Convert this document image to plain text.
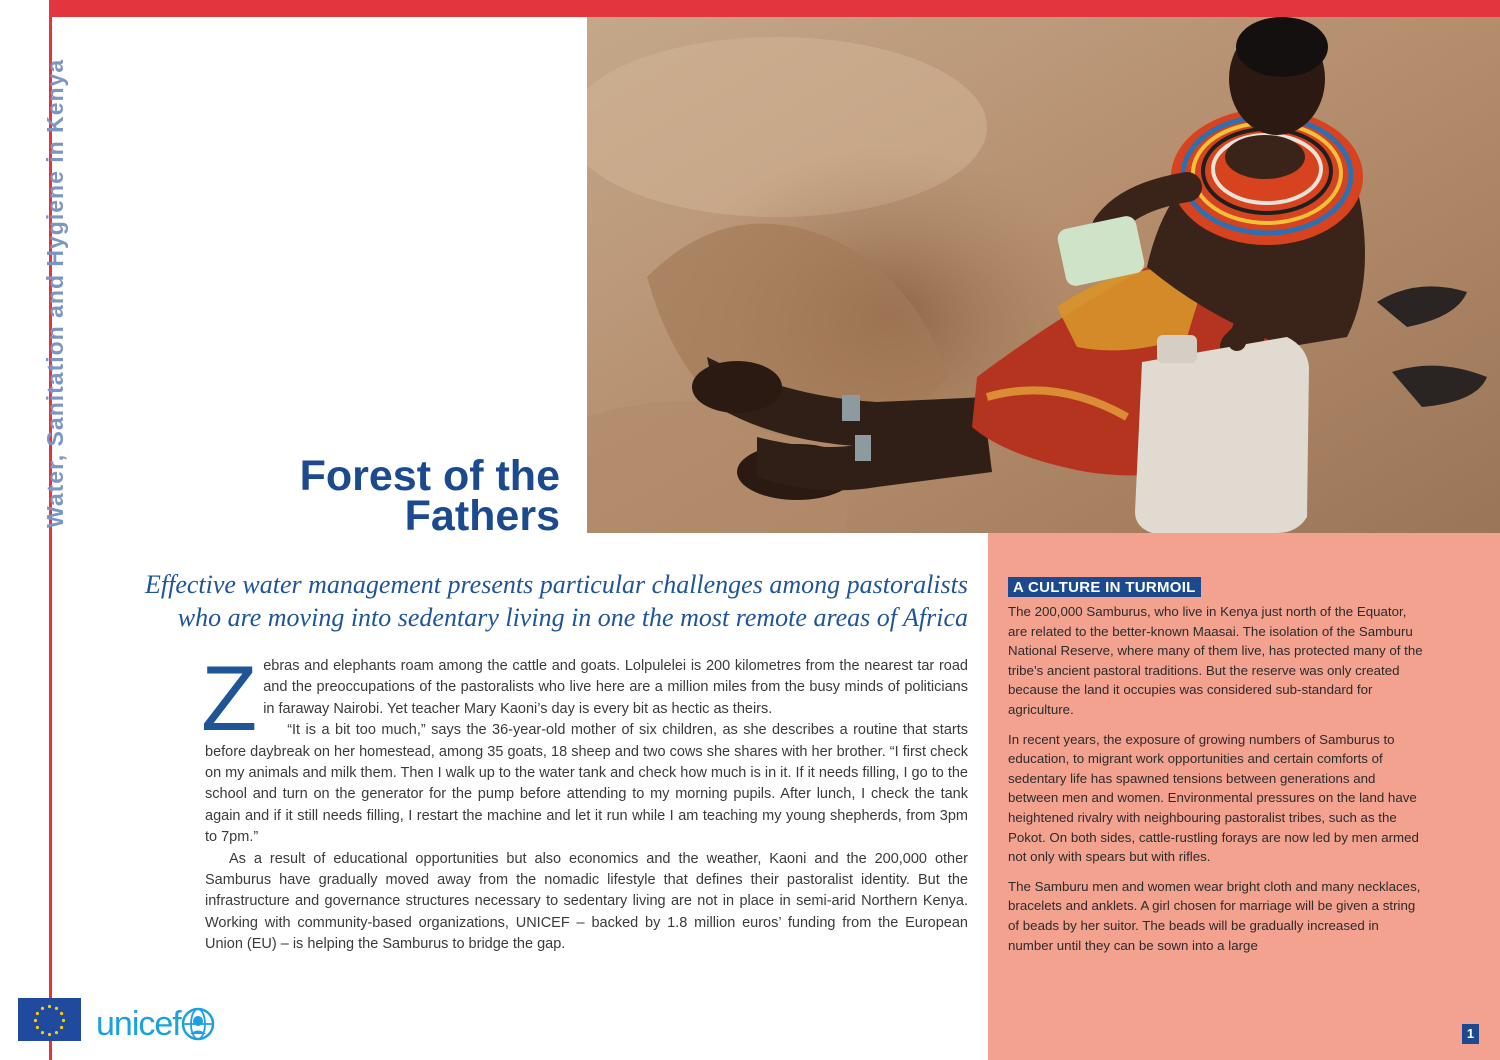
Water, Sanitation and Hygiene in Kenya	Forest of the
Fathers

Effective water management presents particular challenges among pastoralists who are moving into sedentary living in one the most remote areas of Africa

Zebras and elephants roam among the cattle and goats. Lolpulelei is 200 kilometres from the nearest tar road and the preoccupations of the pastoralists who live here are a million miles from the busy minds of politicians in faraway Nairobi. Yet teacher Mary Kaoni’s day is every bit as hectic as theirs.

“It is a bit too much,” says the 36-year-old mother of six children, as she describes a routine that starts before daybreak on her homestead, among 35 goats, 18 sheep and two cows she shares with her brother. “I first check on my animals and milk them. Then I walk up to the water tank and check how much is in it. If it needs filling, I go to the school and turn on the generator for the pump before attending to my morning pupils. After lunch, I check the tank again and if it still needs filling, I restart the machine and let it run while I am teaching my young shepherds, from 3pm to 7pm.”

As a result of educational opportunities but also economics and the weather, Kaoni and the 200,000 other Samburus have gradually moved away from the nomadic lifestyle that defines their pastoralist identity. But the infrastructure and governance structures necessary to sedentary living are not in place in semi-arid Northern Kenya. Working with community-based organizations, UNICEF – backed by 1.8 million euros’ funding from the European Union (EU) – is helping the Samburus to bridge the gap.

A CULTURE IN TURMOIL

The 200,000 Samburus, who live in Kenya just north of the Equator, are related to the better-known Maasai. The isolation of the Samburu National Reserve, where many of them live, has protected many of the tribe’s ancient pastoral traditions. But the reserve was only created because the land it occupies was considered sub-standard for agriculture.

In recent years, the exposure of growing numbers of Samburus to education, to migrant work opportunities and certain comforts of sedentary life has spawned tensions between generations and between men and women. Environmental pressures on the land have heightened rivalry with neighbouring pastoralist tribes, such as the Pokot. On both sides, cattle-rustling forays are now led by men armed not only with spears but with rifles.

The Samburu men and women wear bright cloth and many necklaces, bracelets and anklets. A girl chosen for marriage will be given a string of beads by her suitor. The beads will be gradually increased in number until they can be sown into a large

unicef	1
